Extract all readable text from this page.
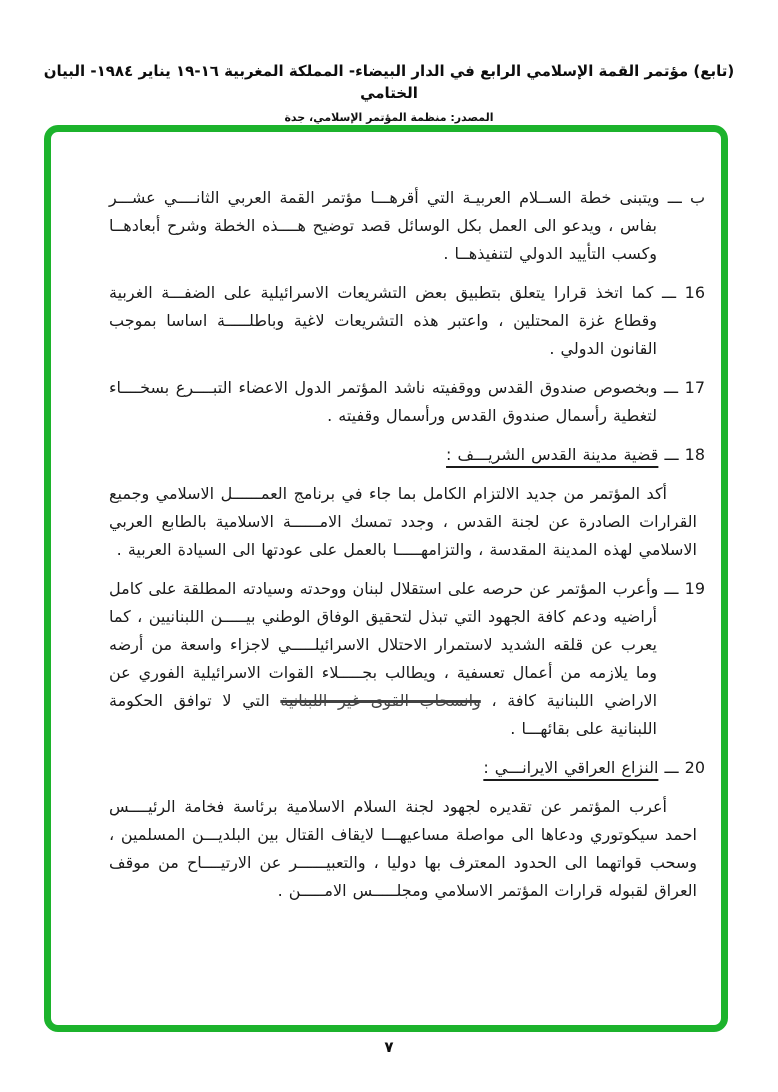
(تابع) مؤتمر القمة الإسلامي الرابع في الدار البيضاء- المملكة المغربية ١٦-١٩ يناير ١٩٨٤- البيان الختامي
المصدر: منظمة المؤتمر الإسلامي، جدة

ب ـــ ويتبنى خطة الســلام العربيـة التي أقرهـــا مؤتمر القمة العربي الثانــــي عشـــر بفاس ، ويدعو الى العمل بكل الوسائل قصد توضيح هــــذه الخطة وشرح أبعادهــا وكسب التأييد الدولي لتنفيذهــا .

16 ـــ كما اتخذ قرارا يتعلق بتطبيق بعض التشريعات الاسرائيلية على الضفـــة الغربية وقطاع غزة المحتلين ، واعتبر هذه التشريعات لاغية وباطلـــــة اساسا بموجب القانون الدولي .

17 ـــ وبخصوص صندوق القدس ووقفيته ناشد المؤتمر الدول الاعضاء التبــــرع بسخــــاء لتغطية رأسمال صندوق القدس ورأسمال وقفيته .

18 ـــ قضية مدينة القدس الشريـــف :

أكد المؤتمر من جديد الالتزام الكامل بما جاء في برنامج العمــــــل الاسلامي وجميع القرارات الصادرة عن لجنة القدس ، وجدد تمسك الامــــــة الاسلامية بالطابع العربي الاسلامي لهذه المدينة المقدسة ، والتزامهـــــا بالعمل على عودتها الى السيادة العربية .

19 ـــ وأعرب المؤتمر عن حرصه على استقلال لبنان ووحدته وسيادته المطلقة على كامل أراضيه ودعم كافة الجهود التي تبذل لتحقيق الوفاق الوطني بيـــــن اللبنانيين ، كما يعرب عن قلقه الشديد لاستمرار الاحتلال الاسرائيلـــــي لاجزاء واسعة من أرضه وما يلازمه من أعمال تعسفية ، ويطالب بجـــــلاء القوات الاسرائيلية الفوري عن الاراضي اللبنانية كافة ، وانسحاب القوى غير اللبنانية التي لا توافق الحكومة اللبنانية على بقائهـــا .

20 ـــ النزاع العراقي الايرانـــي :

أعرب المؤتمر عن تقديره لجهود لجنة السلام الاسلامية برئاسة فخامة الرئيــــس احمد سيكوتوري ودعاها الى مواصلة مساعيهـــا لايقاف القتال بين البلديـــن المسلمين ، وسحب قواتهما الى الحدود المعترف بها دوليا ، والتعبيــــــر عن الارتيــــاح من موقف العراق لقبوله قرارات المؤتمر الاسلامي ومجلـــــس الامـــــن .

٧
